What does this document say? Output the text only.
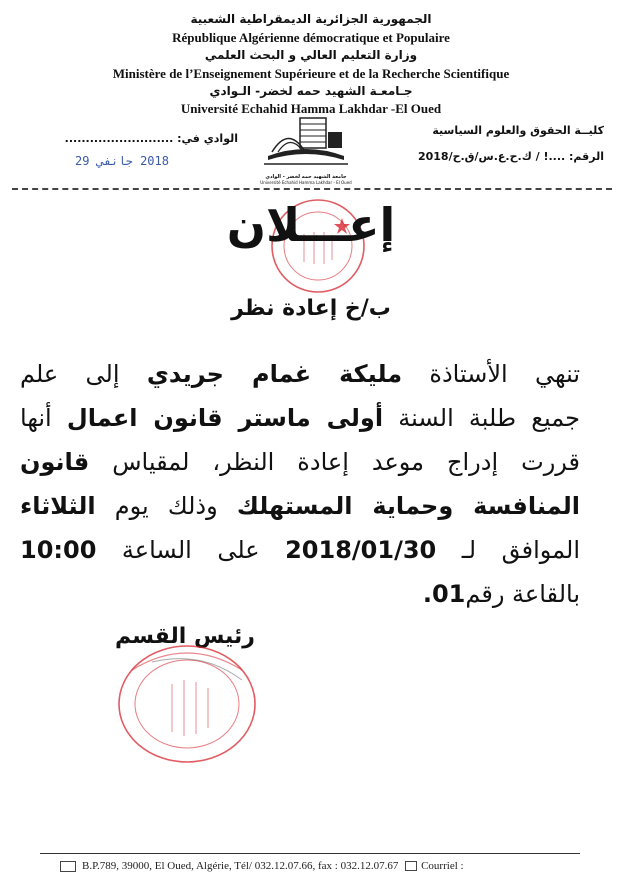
الجمهورية الجزائرية الديمقراطية الشعبية
République Algérienne démocratique et Populaire
وزارة التعليم العالي و البحث العلمي
Ministère de l’Enseignement Supérieure et de la Recherche Scientifique
جـامعـة الشهيد حمه لخضر- الـوادي
Université Echahid Hamma Lakhdar -El Oued
كليــة الحقوق والعلوم السياسية
الرقم: ....! / ك.ح.ع.س/ق.ح/2018
الوادي في: ..........................
2018 جانفي 29
جامعة الشهيد حمه لخضر - الوادي
Université Echahid Hamma Lakhdar - El Oued
إعـــلان
ب/خ إعادة نظر
تنهي الأستاذة مليكة غمام جريدي إلى علم
جميع طلبة السنة أولى ماستر قانون اعمال أنها
قررت إدراج موعد إعادة النظر، لمقياس قانون
المنافسة وحماية المستهلك وذلك يوم الثلاثاء
الموافق لـ 2018/01/30 على الساعة 10:00
بالقاعة رقم01.
رئيس القسم
B.P.789, 39000, El Oued, Algérie, Tél/ 032.12.07.66, fax : 032.12.07.67 Courriel :
